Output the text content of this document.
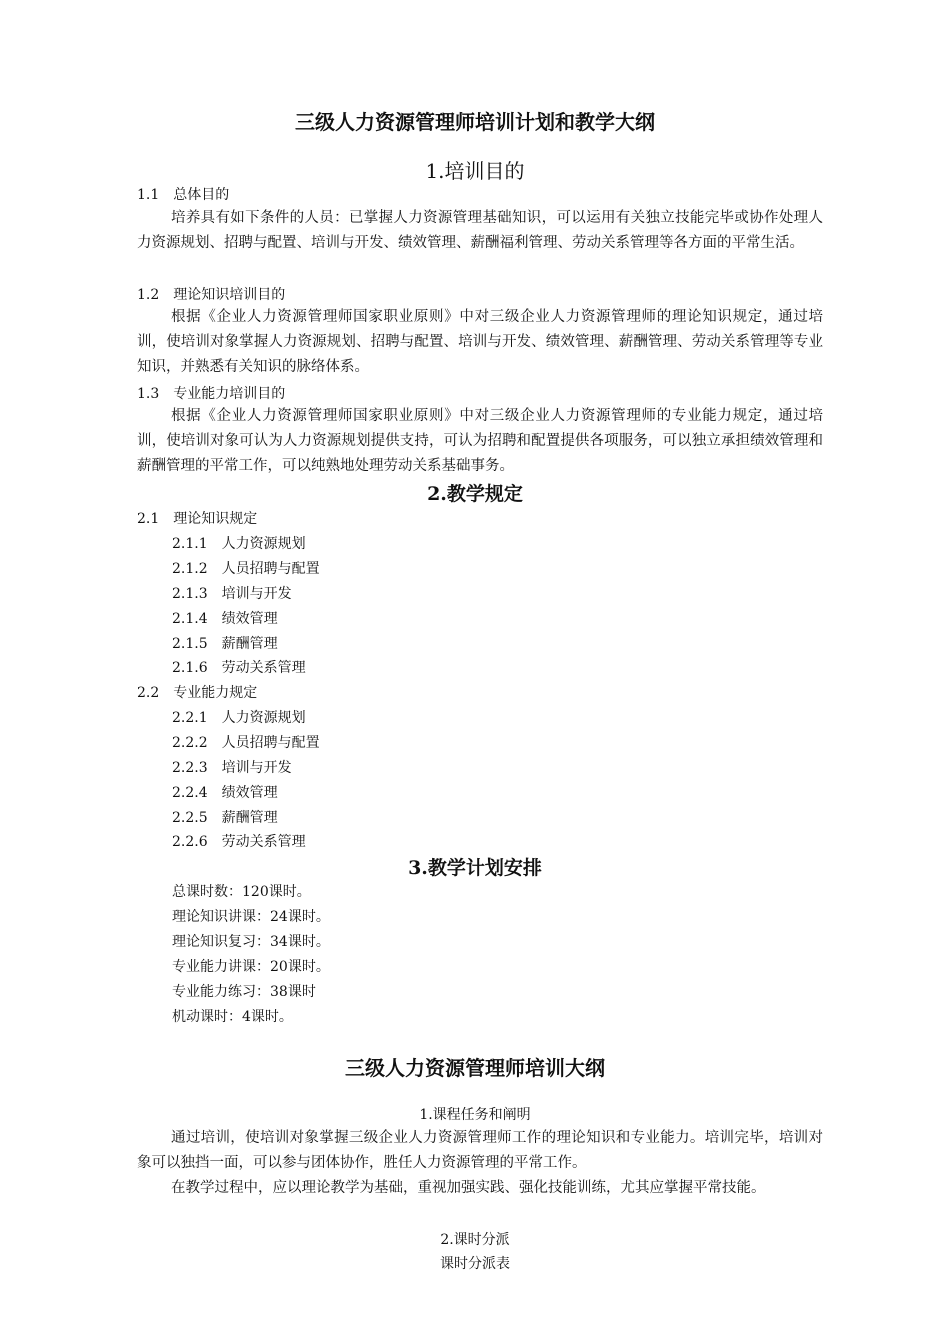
三级人力资源管理师培训计划和教学大纲
1.培训目的
1.1　总体目的

培养具有如下条件的人员：已掌握人力资源管理基础知识，可以运用有关独立技能完毕或协作处理人力资源规划、招聘与配置、培训与开发、绩效管理、薪酬福利管理、劳动关系管理等各方面的平常生活。

1.2　理论知识培训目的

根据《企业人力资源管理师国家职业原则》中对三级企业人力资源管理师的理论知识规定，通过培训，使培训对象掌握人力资源规划、招聘与配置、培训与开发、绩效管理、薪酬管理、劳动关系管理等专业知识，并熟悉有关知识的脉络体系。

1.3　专业能力培训目的

根据《企业人力资源管理师国家职业原则》中对三级企业人力资源管理师的专业能力规定，通过培训，使培训对象可认为人力资源规划提供支持，可认为招聘和配置提供各项服务，可以独立承担绩效管理和薪酬管理的平常工作，可以纯熟地处理劳动关系基础事务。

2.教学规定
2.1　理论知识规定
2.1.1　人力资源规划
2.1.2　人员招聘与配置
2.1.3　培训与开发
2.1.4　绩效管理
2.1.5　薪酬管理
2.1.6　劳动关系管理
2.2　专业能力规定
2.2.1　人力资源规划
2.2.2　人员招聘与配置
2.2.3　培训与开发
2.2.4　绩效管理
2.2.5　薪酬管理
2.2.6　劳动关系管理
3.教学计划安排
总课时数：120课时。
理论知识讲课：24课时。
理论知识复习：34课时。
专业能力讲课：20课时。
专业能力练习：38课时
机动课时：4课时。
三级人力资源管理师培训大纲
1.课程任务和阐明

通过培训，使培训对象掌握三级企业人力资源管理师工作的理论知识和专业能力。培训完毕，培训对象可以独挡一面，可以参与团体协作，胜任人力资源管理的平常工作。

在教学过程中，应以理论教学为基础，重视加强实践、强化技能训练，尤其应掌握平常技能。

2.课时分派
课时分派表
